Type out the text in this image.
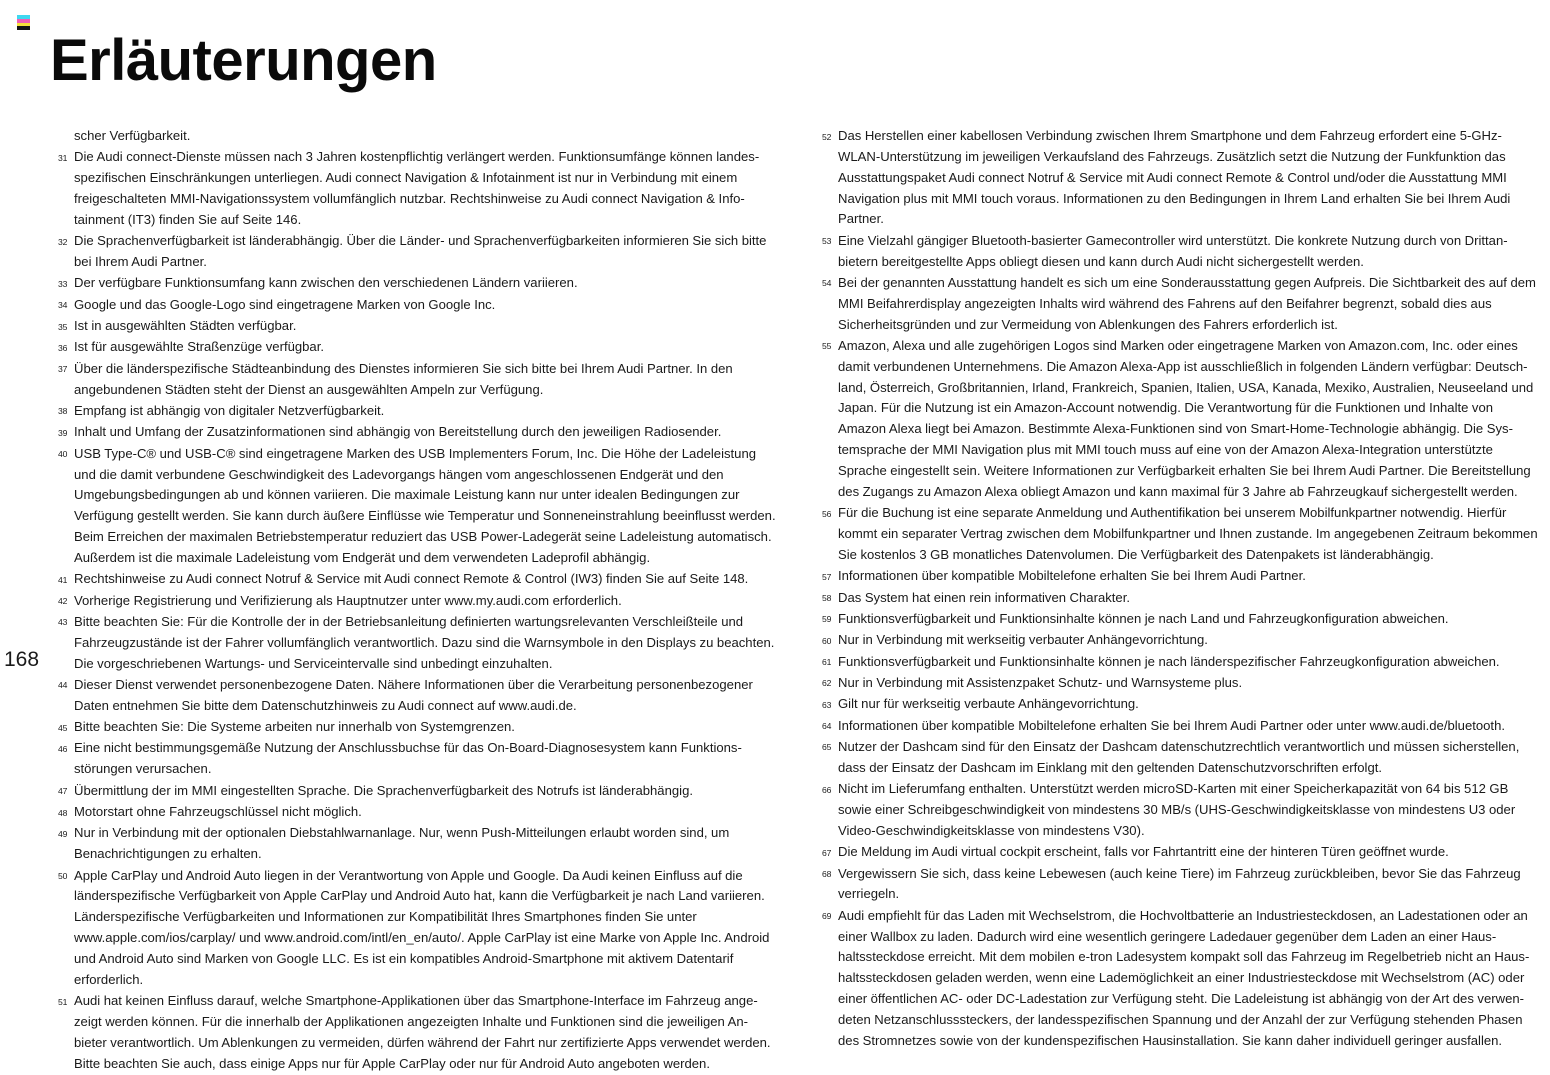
Erläuterungen
168
scher Verfügbarkeit.
31 Die Audi connect-Dienste müssen nach 3 Jahren kostenpflichtig verlängert werden. Funktionsumfänge können landesspezifischen Einschränkungen unterliegen. Audi connect Navigation & Infotainment ist nur in Verbindung mit einem freigeschalteten MMI-Navigationssystem vollumfänglich nutzbar. Rechtshinweise zu Audi connect Navigation & Infotainment (IT3) finden Sie auf Seite 146.
32 Die Sprachenverfügbarkeit ist länderabhängig. Über die Länder- und Sprachenverfügbarkeiten informieren Sie sich bitte bei Ihrem Audi Partner.
33 Der verfügbare Funktionsumfang kann zwischen den verschiedenen Ländern variieren.
34 Google und das Google-Logo sind eingetragene Marken von Google Inc.
35 Ist in ausgewählten Städten verfügbar.
36 Ist für ausgewählte Straßenzüge verfügbar.
37 Über die länderspezifische Städteanbindung des Dienstes informieren Sie sich bitte bei Ihrem Audi Partner. In den angebundenen Städten steht der Dienst an ausgewählten Ampeln zur Verfügung.
38 Empfang ist abhängig von digitaler Netzverfügbarkeit.
39 Inhalt und Umfang der Zusatzinformationen sind abhängig von Bereitstellung durch den jeweiligen Radiosender.
40 USB Type-C® und USB-C® sind eingetragene Marken des USB Implementers Forum, Inc. Die Höhe der Ladeleistung und die damit verbundene Geschwindigkeit des Ladevorgangs hängen vom angeschlossenen Endgerät und den Umgebungsbedingungen ab und können variieren. Die maximale Leistung kann nur unter idealen Bedingungen zur Verfügung gestellt werden. Sie kann durch äußere Einflüsse wie Temperatur und Sonneneinstrahlung beeinflusst werden. Beim Erreichen der maximalen Betriebstemperatur reduziert das USB Power-Ladegerät seine Ladeleistung automatisch. Außerdem ist die maximale Ladeleistung vom Endgerät und dem verwendeten Ladeprofil abhängig.
41 Rechtshinweise zu Audi connect Notruf & Service mit Audi connect Remote & Control (IW3) finden Sie auf Seite 148.
42 Vorherige Registrierung und Verifizierung als Hauptnutzer unter www.my.audi.com erforderlich.
43 Bitte beachten Sie: Für die Kontrolle der in der Betriebsanleitung definierten wartungsrelevanten Verschleißteile und Fahrzeugzustände ist der Fahrer vollumfänglich verantwortlich. Dazu sind die Warnsymbole in den Displays zu beachten. Die vorgeschriebenen Wartungs- und Serviceintervalle sind unbedingt einzuhalten.
44 Dieser Dienst verwendet personenbezogene Daten. Nähere Informationen über die Verarbeitung personenbezogener Daten entnehmen Sie bitte dem Datenschutzhinweis zu Audi connect auf www.audi.de.
45 Bitte beachten Sie: Die Systeme arbeiten nur innerhalb von Systemgrenzen.
46 Eine nicht bestimmungsgemäße Nutzung der Anschlussbuchse für das On-Board-Diagnosesystem kann Funktionsstörungen verursachen.
47 Übermittlung der im MMI eingestellten Sprache. Die Sprachenverfügbarkeit des Notrufs ist länderabhängig.
48 Motorstart ohne Fahrzeugschlüssel nicht möglich.
49 Nur in Verbindung mit der optionalen Diebstahlwarnanlage. Nur, wenn Push-Mitteilungen erlaubt worden sind, um Benachrichtigungen zu erhalten.
50 Apple CarPlay und Android Auto liegen in der Verantwortung von Apple und Google. Da Audi keinen Einfluss auf die länderspezifische Verfügbarkeit von Apple CarPlay und Android Auto hat, kann die Verfügbarkeit je nach Land variieren. Länderspezifische Verfügbarkeiten und Informationen zur Kompatibilität Ihres Smartphones finden Sie unter www.apple.com/ios/carplay/ und www.android.com/intl/en_en/auto/. Apple CarPlay ist eine Marke von Apple Inc. Android und Android Auto sind Marken von Google LLC. Es ist ein kompatibles Android-Smartphone mit aktivem Datentarif erforderlich.
51 Audi hat keinen Einfluss darauf, welche Smartphone-Applikationen über das Smartphone-Interface im Fahrzeug angezeigt werden können. Für die innerhalb der Applikationen angezeigten Inhalte und Funktionen sind die jeweiligen Anbieter verantwortlich. Um Ablenkungen zu vermeiden, dürfen während der Fahrt nur zertifizierte Apps verwendet werden. Bitte beachten Sie auch, dass einige Apps nur für Apple CarPlay oder nur für Android Auto angeboten werden.
52 Das Herstellen einer kabellosen Verbindung zwischen Ihrem Smartphone und dem Fahrzeug erfordert eine 5-GHz-WLAN-Unterstützung im jeweiligen Verkaufsland des Fahrzeugs. Zusätzlich setzt die Nutzung der Funkfunktion das Ausstattungspaket Audi connect Notruf & Service mit Audi connect Remote & Control und/oder die Ausstattung MMI Navigation plus mit MMI touch voraus. Informationen zu den Bedingungen in Ihrem Land erhalten Sie bei Ihrem Audi Partner.
53 Eine Vielzahl gängiger Bluetooth-basierter Gamecontroller wird unterstützt. Die konkrete Nutzung durch von Drittanbietern bereitgestellte Apps obliegt diesen und kann durch Audi nicht sichergestellt werden.
54 Bei der genannten Ausstattung handelt es sich um eine Sonderausstattung gegen Aufpreis. Die Sichtbarkeit des auf dem MMI Beifahrerdisplay angezeigten Inhalts wird während des Fahrens auf den Beifahrer begrenzt, sobald dies aus Sicherheitsgründen und zur Vermeidung von Ablenkungen des Fahrers erforderlich ist.
55 Amazon, Alexa und alle zugehörigen Logos sind Marken oder eingetragene Marken von Amazon.com, Inc. oder eines damit verbundenen Unternehmens. Die Amazon Alexa-App ist ausschließlich in folgenden Ländern verfügbar: Deutschland, Österreich, Großbritannien, Irland, Frankreich, Spanien, Italien, USA, Kanada, Mexiko, Australien, Neuseeland und Japan. Für die Nutzung ist ein Amazon-Account notwendig. Die Verantwortung für die Funktionen und Inhalte von Amazon Alexa liegt bei Amazon. Bestimmte Alexa-Funktionen sind von Smart-Home-Technologie abhängig. Die Systemsprache der MMI Navigation plus mit MMI touch muss auf eine von der Amazon Alexa-Integration unterstützte Sprache eingestellt sein. Weitere Informationen zur Verfügbarkeit erhalten Sie bei Ihrem Audi Partner. Die Bereitstellung des Zugangs zu Amazon Alexa obliegt Amazon und kann maximal für 3 Jahre ab Fahrzeugkauf sichergestellt werden.
56 Für die Buchung ist eine separate Anmeldung und Authentifikation bei unserem Mobilfunkpartner notwendig. Hierfür kommt ein separater Vertrag zwischen dem Mobilfunkpartner und Ihnen zustande. Im angegebenen Zeitraum bekommen Sie kostenlos 3 GB monatliches Datenvolumen. Die Verfügbarkeit des Datenpakets ist länderabhängig.
57 Informationen über kompatible Mobiltelefone erhalten Sie bei Ihrem Audi Partner.
58 Das System hat einen rein informativen Charakter.
59 Funktionsverfügbarkeit und Funktionsinhalte können je nach Land und Fahrzeugkonfiguration abweichen.
60 Nur in Verbindung mit werkseitig verbauter Anhängevorrichtung.
61 Funktionsverfügbarkeit und Funktionsinhalte können je nach länderspezifischer Fahrzeugkonfiguration abweichen.
62 Nur in Verbindung mit Assistenzpaket Schutz- und Warnsysteme plus.
63 Gilt nur für werkseitig verbaute Anhängevorrichtung.
64 Informationen über kompatible Mobiltelefone erhalten Sie bei Ihrem Audi Partner oder unter www.audi.de/bluetooth.
65 Nutzer der Dashcam sind für den Einsatz der Dashcam datenschutzrechtlich verantwortlich und müssen sicherstellen, dass der Einsatz der Dashcam im Einklang mit den geltenden Datenschutzvorschriften erfolgt.
66 Nicht im Lieferumfang enthalten. Unterstützt werden microSD-Karten mit einer Speicherkapazität von 64 bis 512 GB sowie einer Schreibgeschwindigkeit von mindestens 30 MB/s (UHS-Geschwindigkeitsklasse von mindestens U3 oder Video-Geschwindigkeitsklasse von mindestens V30).
67 Die Meldung im Audi virtual cockpit erscheint, falls vor Fahrtantritt eine der hinteren Türen geöffnet wurde.
68 Vergewissern Sie sich, dass keine Lebewesen (auch keine Tiere) im Fahrzeug zurückbleiben, bevor Sie das Fahrzeug verriegeln.
69 Audi empfiehlt für das Laden mit Wechselstrom, die Hochvoltbatterie an Industriesteckdosen, an Ladestationen oder an einer Wallbox zu laden. Dadurch wird eine wesentlich geringere Ladedauer gegenüber dem Laden an einer Haushaltssteckdose erreicht. Mit dem mobilen e-tron Ladesystem kompakt soll das Fahrzeug im Regelbetrieb nicht an Haushaltssteckdosen geladen werden, wenn eine Lademöglichkeit an einer Industriesteckdose mit Wechselstrom (AC) oder einer öffentlichen AC- oder DC-Ladestation zur Verfügung steht. Die Ladeleistung ist abhängig von der Art des verwendeten Netzanschlusssteckers, der landesspezifischen Spannung und der Anzahl der zur Verfügung stehenden Phasen des Stromnetzes sowie von der kundenspezifischen Hausinstallation. Sie kann daher individuell geringer ausfallen.
